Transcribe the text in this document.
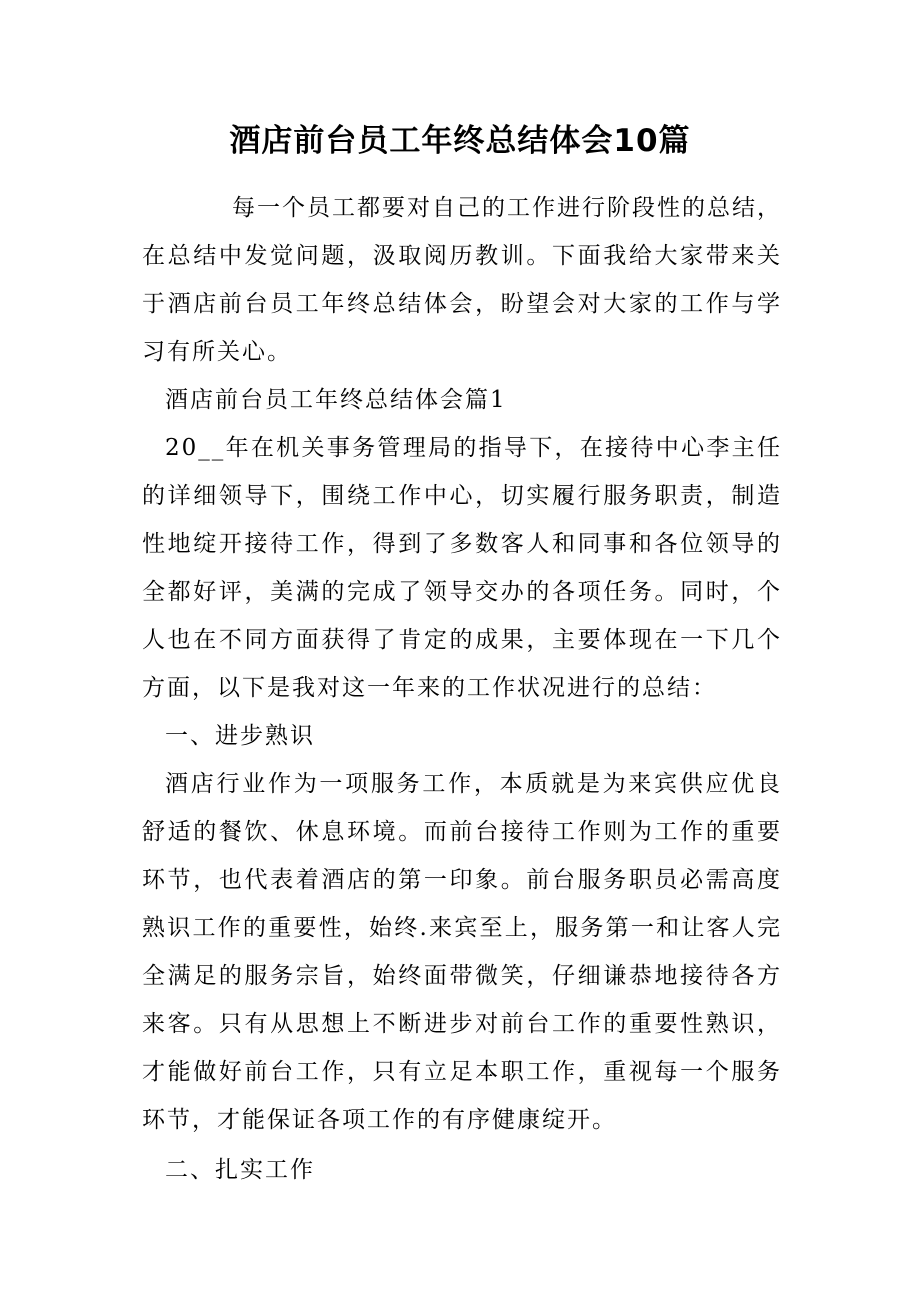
酒店前台员工年终总结体会10篇

每一个员工都要对自己的工作进行阶段性的总结，在总结中发觉问题，汲取阅历教训。下面我给大家带来关于酒店前台员工年终总结体会，盼望会对大家的工作与学习有所关心。

酒店前台员工年终总结体会篇1

20__年在机关事务管理局的指导下，在接待中心李主任的详细领导下，围绕工作中心，切实履行服务职责，制造性地绽开接待工作，得到了多数客人和同事和各位领导的全都好评，美满的完成了领导交办的各项任务。同时，个人也在不同方面获得了肯定的成果，主要体现在一下几个方面，以下是我对这一年来的工作状况进行的总结：

一、进步熟识

酒店行业作为一项服务工作，本质就是为来宾供应优良舒适的餐饮、休息环境。而前台接待工作则为工作的重要环节，也代表着酒店的第一印象。前台服务职员必需高度熟识工作的重要性，始终.来宾至上，服务第一和让客人完全满足的服务宗旨，始终面带微笑，仔细谦恭地接待各方来客。只有从思想上不断进步对前台工作的重要性熟识，才能做好前台工作，只有立足本职工作，重视每一个服务环节，才能保证各项工作的有序健康绽开。

二、扎实工作
